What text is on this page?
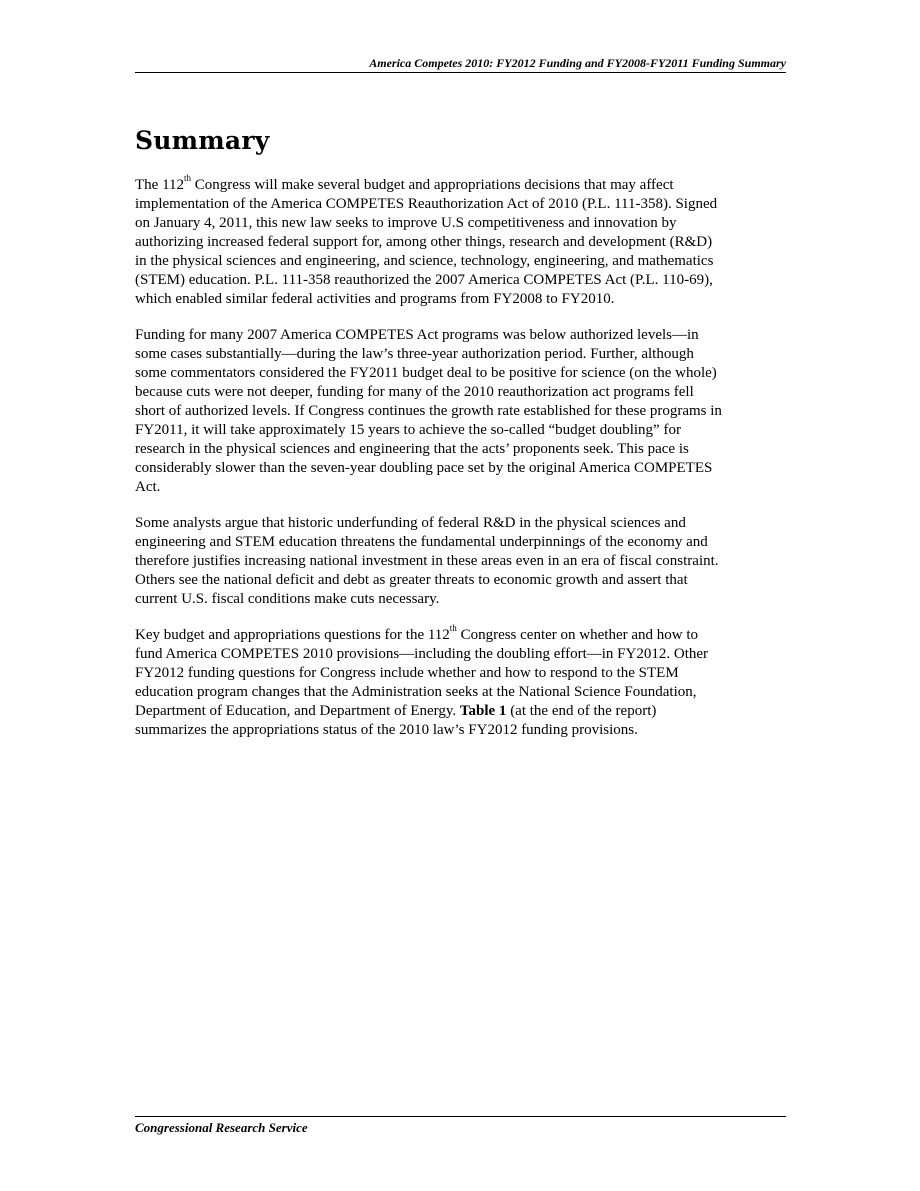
America Competes 2010: FY2012 Funding and FY2008-FY2011 Funding Summary
Summary
The 112th Congress will make several budget and appropriations decisions that may affect
implementation of the America COMPETES Reauthorization Act of 2010 (P.L. 111-358). Signed
on January 4, 2011, this new law seeks to improve U.S competitiveness and innovation by
authorizing increased federal support for, among other things, research and development (R&D)
in the physical sciences and engineering, and science, technology, engineering, and mathematics
(STEM) education. P.L. 111-358 reauthorized the 2007 America COMPETES Act (P.L. 110-69),
which enabled similar federal activities and programs from FY2008 to FY2010.
Funding for many 2007 America COMPETES Act programs was below authorized levels—in
some cases substantially—during the law’s three-year authorization period. Further, although
some commentators considered the FY2011 budget deal to be positive for science (on the whole)
because cuts were not deeper, funding for many of the 2010 reauthorization act programs fell
short of authorized levels. If Congress continues the growth rate established for these programs in
FY2011, it will take approximately 15 years to achieve the so-called “budget doubling” for
research in the physical sciences and engineering that the acts’ proponents seek. This pace is
considerably slower than the seven-year doubling pace set by the original America COMPETES
Act.
Some analysts argue that historic underfunding of federal R&D in the physical sciences and
engineering and STEM education threatens the fundamental underpinnings of the economy and
therefore justifies increasing national investment in these areas even in an era of fiscal constraint.
Others see the national deficit and debt as greater threats to economic growth and assert that
current U.S. fiscal conditions make cuts necessary.
Key budget and appropriations questions for the 112th Congress center on whether and how to
fund America COMPETES 2010 provisions—including the doubling effort—in FY2012. Other
FY2012 funding questions for Congress include whether and how to respond to the STEM
education program changes that the Administration seeks at the National Science Foundation,
Department of Education, and Department of Energy. Table 1 (at the end of the report)
summarizes the appropriations status of the 2010 law’s FY2012 funding provisions.
Congressional Research Service
